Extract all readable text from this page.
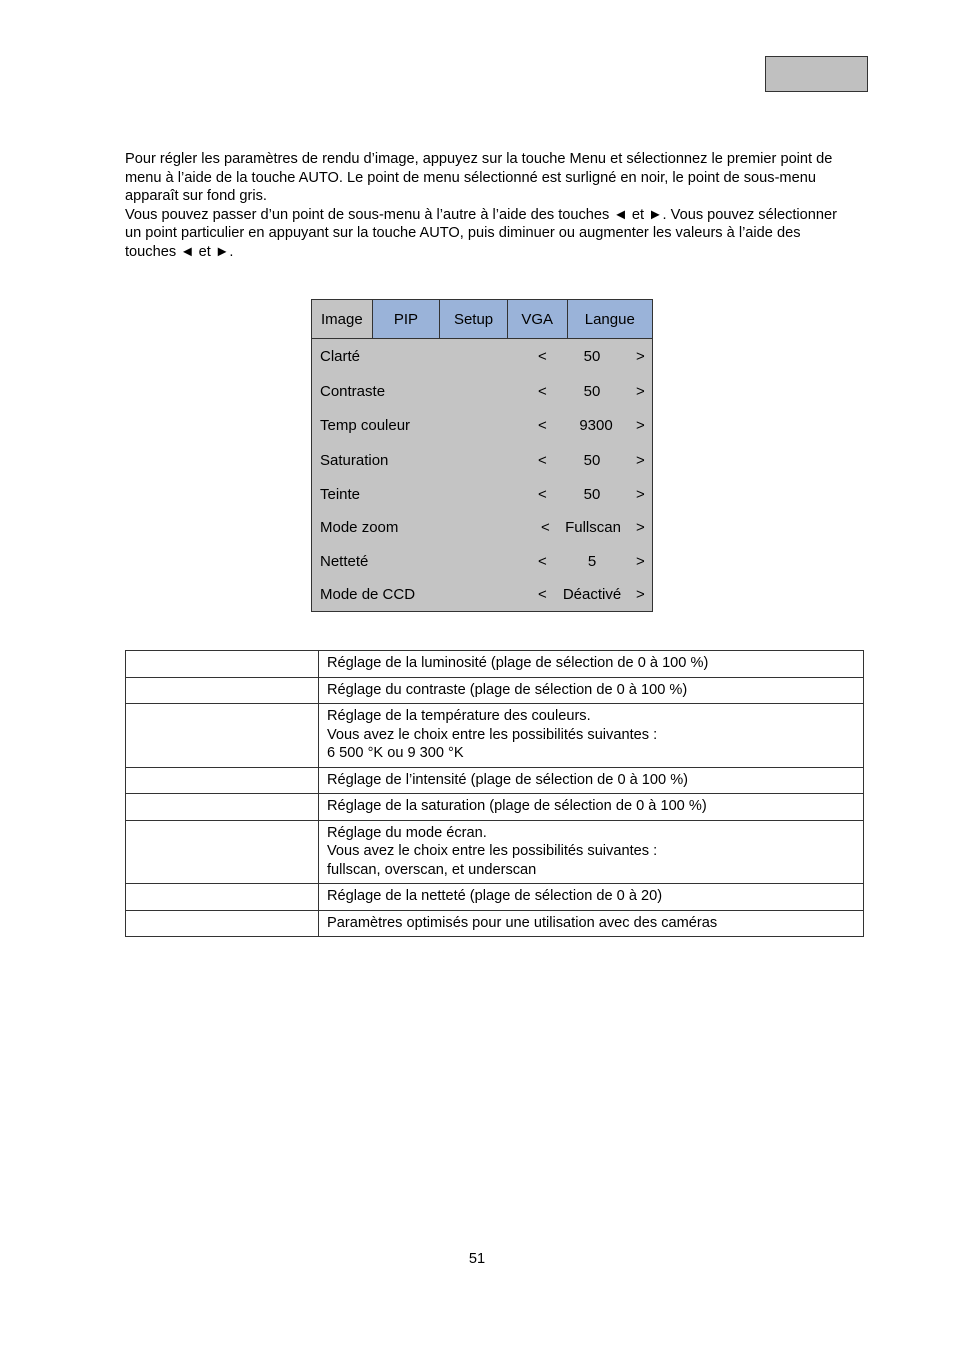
Pour régler les paramètres de rendu d’image, appuyez sur la touche Menu et sélectionnez le premier point de menu à l’aide de la touche AUTO. Le point de menu sélectionné est surligné en noir, le point de sous-menu apparaît sur fond gris.

Vous pouvez passer d’un point de sous-menu à l’autre à l’aide des touches ◄ et ►. Vous pouvez sélectionner un point particulier en appuyant sur la touche AUTO, puis diminuer ou augmenter les valeurs à l’aide des touches ◄ et ►.

Image	PIP	Setup	VGA	Langue
Clarté	<	50	>
Contraste	<	50	>
Temp couleur	<	9300	>
Saturation	<	50	>
Teinte	<	50	>
Mode zoom	<	Fullscan	>
Netteté	<	5	>
Mode de CCD	<	Déactivé >

	Réglage de la luminosité (plage de sélection de 0 à 100 %)

	Réglage du contraste (plage de sélection de 0 à 100 %)

	Réglage de la température des couleurs.
Vous avez le choix entre les possibilités suivantes :
6 500 °K ou 9 300 °K

	Réglage de l’intensité (plage de sélection de 0 à 100 %)

	Réglage de la saturation (plage de sélection de 0 à 100 %)

	Réglage du mode écran.
Vous avez le choix entre les possibilités suivantes :
fullscan, overscan, et underscan

	Réglage de la netteté (plage de sélection de 0 à 20)

	Paramètres optimisés pour une utilisation avec des caméras
51
